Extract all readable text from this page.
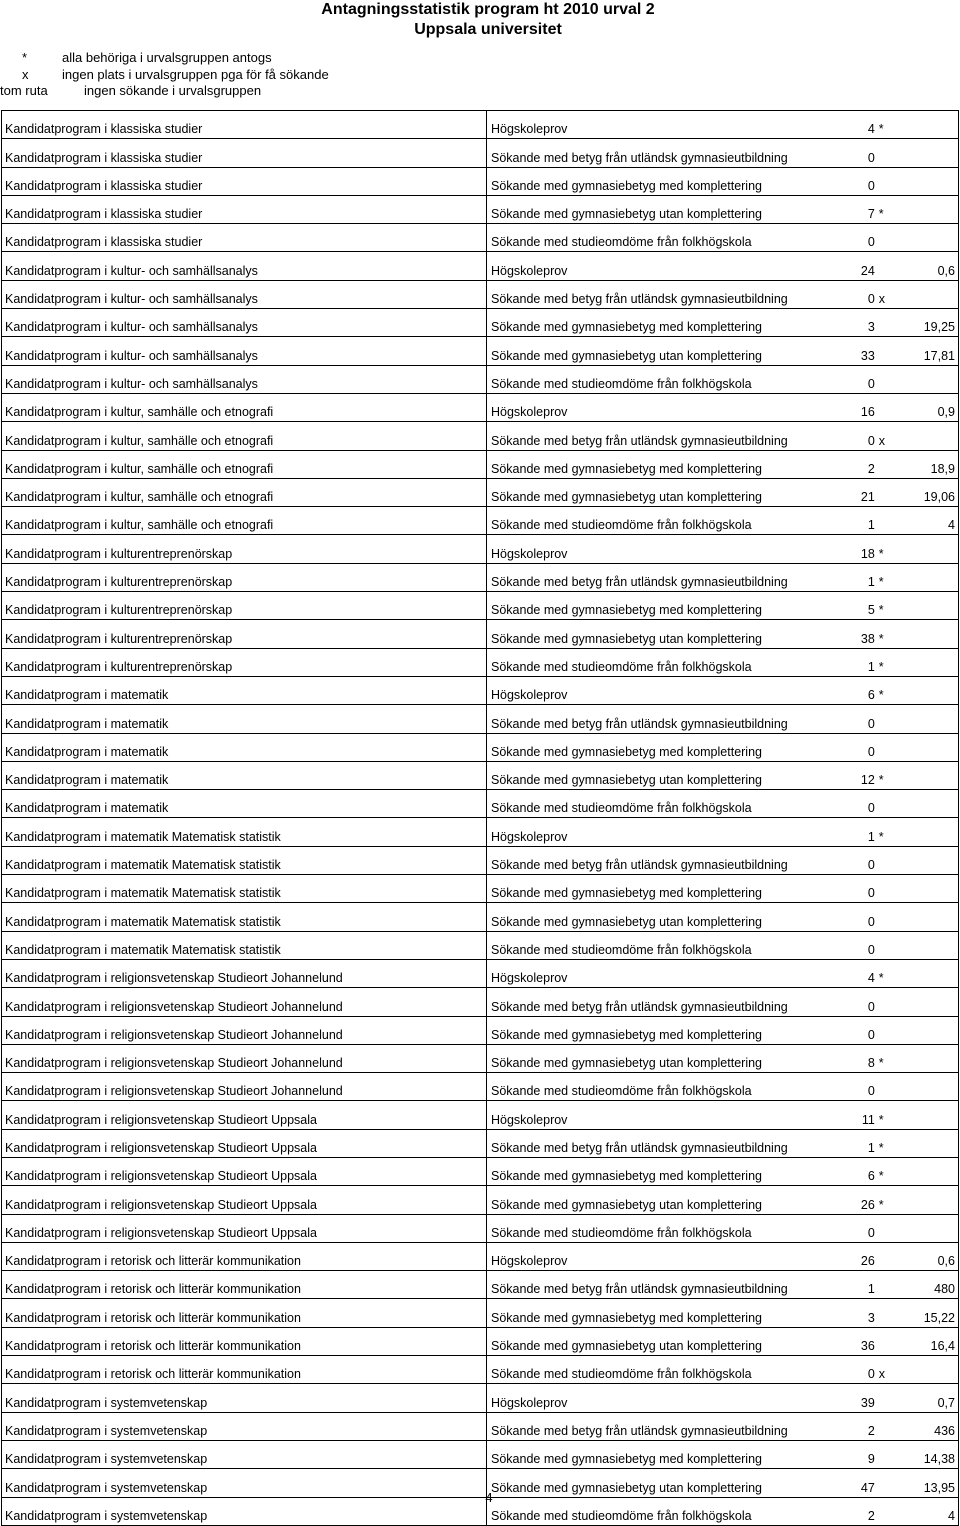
Antagningsstatistik program ht 2010 urval 2
Uppsala universitet
*	alla behöriga i urvalsgruppen antogs
x	ingen plats i urvalsgruppen pga för få sökande
tom ruta	ingen sökande i urvalsgruppen
Kandidatprogram i klassiska studier	Högskoleprov	4	*	
Kandidatprogram i klassiska studier	Sökande med betyg från utländsk gymnasieutbildning	0		
Kandidatprogram i klassiska studier	Sökande med gymnasiebetyg med komplettering	0		
Kandidatprogram i klassiska studier	Sökande med gymnasiebetyg utan komplettering	7	*	
Kandidatprogram i klassiska studier	Sökande med studieomdöme från folkhögskola	0		
Kandidatprogram i kultur- och samhällsanalys	Högskoleprov	24		0,6
Kandidatprogram i kultur- och samhällsanalys	Sökande med betyg från utländsk gymnasieutbildning	0	x	
Kandidatprogram i kultur- och samhällsanalys	Sökande med gymnasiebetyg med komplettering	3		19,25
Kandidatprogram i kultur- och samhällsanalys	Sökande med gymnasiebetyg utan komplettering	33		17,81
Kandidatprogram i kultur- och samhällsanalys	Sökande med studieomdöme från folkhögskola	0		
Kandidatprogram i kultur, samhälle och etnografi	Högskoleprov	16		0,9
Kandidatprogram i kultur, samhälle och etnografi	Sökande med betyg från utländsk gymnasieutbildning	0	x	
Kandidatprogram i kultur, samhälle och etnografi	Sökande med gymnasiebetyg med komplettering	2		18,9
Kandidatprogram i kultur, samhälle och etnografi	Sökande med gymnasiebetyg utan komplettering	21		19,06
Kandidatprogram i kultur, samhälle och etnografi	Sökande med studieomdöme från folkhögskola	1		4
Kandidatprogram i kulturentreprenörskap	Högskoleprov	18	*	
Kandidatprogram i kulturentreprenörskap	Sökande med betyg från utländsk gymnasieutbildning	1	*	
Kandidatprogram i kulturentreprenörskap	Sökande med gymnasiebetyg med komplettering	5	*	
Kandidatprogram i kulturentreprenörskap	Sökande med gymnasiebetyg utan komplettering	38	*	
Kandidatprogram i kulturentreprenörskap	Sökande med studieomdöme från folkhögskola	1	*	
Kandidatprogram i matematik	Högskoleprov	6	*	
Kandidatprogram i matematik	Sökande med betyg från utländsk gymnasieutbildning	0		
Kandidatprogram i matematik	Sökande med gymnasiebetyg med komplettering	0		
Kandidatprogram i matematik	Sökande med gymnasiebetyg utan komplettering	12	*	
Kandidatprogram i matematik	Sökande med studieomdöme från folkhögskola	0		
Kandidatprogram i matematik Matematisk statistik	Högskoleprov	1	*	
Kandidatprogram i matematik Matematisk statistik	Sökande med betyg från utländsk gymnasieutbildning	0		
Kandidatprogram i matematik Matematisk statistik	Sökande med gymnasiebetyg med komplettering	0		
Kandidatprogram i matematik Matematisk statistik	Sökande med gymnasiebetyg utan komplettering	0		
Kandidatprogram i matematik Matematisk statistik	Sökande med studieomdöme från folkhögskola	0		
Kandidatprogram i religionsvetenskap Studieort Johannelund	Högskoleprov	4	*	
Kandidatprogram i religionsvetenskap Studieort Johannelund	Sökande med betyg från utländsk gymnasieutbildning	0		
Kandidatprogram i religionsvetenskap Studieort Johannelund	Sökande med gymnasiebetyg med komplettering	0		
Kandidatprogram i religionsvetenskap Studieort Johannelund	Sökande med gymnasiebetyg utan komplettering	8	*	
Kandidatprogram i religionsvetenskap Studieort Johannelund	Sökande med studieomdöme från folkhögskola	0		
Kandidatprogram i religionsvetenskap Studieort Uppsala	Högskoleprov	11	*	
Kandidatprogram i religionsvetenskap Studieort Uppsala	Sökande med betyg från utländsk gymnasieutbildning	1	*	
Kandidatprogram i religionsvetenskap Studieort Uppsala	Sökande med gymnasiebetyg med komplettering	6	*	
Kandidatprogram i religionsvetenskap Studieort Uppsala	Sökande med gymnasiebetyg utan komplettering	26	*	
Kandidatprogram i religionsvetenskap Studieort Uppsala	Sökande med studieomdöme från folkhögskola	0		
Kandidatprogram i retorisk och litterär kommunikation	Högskoleprov	26		0,6
Kandidatprogram i retorisk och litterär kommunikation	Sökande med betyg från utländsk gymnasieutbildning	1		480
Kandidatprogram i retorisk och litterär kommunikation	Sökande med gymnasiebetyg med komplettering	3		15,22
Kandidatprogram i retorisk och litterär kommunikation	Sökande med gymnasiebetyg utan komplettering	36		16,4
Kandidatprogram i retorisk och litterär kommunikation	Sökande med studieomdöme från folkhögskola	0	x	
Kandidatprogram i systemvetenskap	Högskoleprov	39		0,7
Kandidatprogram i systemvetenskap	Sökande med betyg från utländsk gymnasieutbildning	2		436
Kandidatprogram i systemvetenskap	Sökande med gymnasiebetyg med komplettering	9		14,38
Kandidatprogram i systemvetenskap	Sökande med gymnasiebetyg utan komplettering	47		13,95
Kandidatprogram i systemvetenskap	Sökande med studieomdöme från folkhögskola	2		4
4
